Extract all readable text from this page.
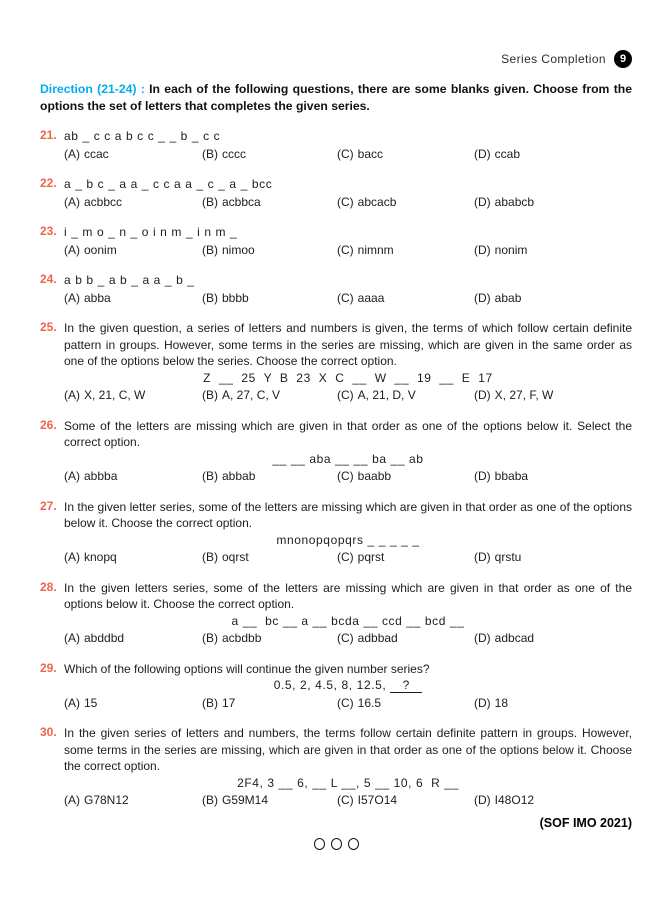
Series Completion	9

Direction (21-24) : In each of the following questions, there are some blanks given. Choose from the options the set of letters that completes the given series.

21. ab _ c c a b c c _ _ b _ c c
(A) ccac	(B) cccc	(C) bacc	(D) ccab
22. a _ b c _ a a _ c c a a _ c _ a _ bcc
(A) acbbcc	(B) acbbca	(C) abcacb	(D) ababcb
23. i _ m o _ n _ o i n m _ i n m _
(A) oonim	(B) nimoo	(C) nimnm	(D) nonim
24. a b b _ a b _ a a _ b _
(A) abba	(B) bbbb	(C) aaaa	(D) abab
25. In the given question, a series of letters and numbers is given, the terms of which follow certain definite pattern in groups. However, some terms in the series are missing, which are given in the same order as one of the options below the series. Choose the correct option.

Z  __  25  Y  B  23  X  C  __  W  __  19  __  E  17
(A) X, 21, C, W	(B) A, 27, C, V	(C) A, 21, D, V	(D) X, 27, F, W
26. Some of the letters are missing which are given in that order as one of the options below it. Select the correct option.

__ __ aba __ __ ba __ ab
(A) abbba	(B) abbab	(C) baabb	(D) bbaba
27. In the given letter series, some of the letters are missing which are given in that order as one of the options below it. Choose the correct option.

mnonopqopqrs _ _ _ _ _
(A) knopq	(B) oqrst	(C) pqrst	(D) qrstu
28. In the given letters series, some of the letters are missing which are given in that order as one of the options below it. Choose the correct option.

a __  bc __ a __ bcda __ ccd __ bcd __
(A) abddbd	(B) acbdbb	(C) adbbad	(D) adbcad
29. Which of the following options will continue the given number series?

0.5, 2, 4.5, 8, 12.5, ?
(A) 15	(B) 17	(C) 16.5	(D) 18
30. In the given series of letters and numbers, the terms follow certain definite pattern in groups. However, some terms in the series are missing, which are given in that order as one of the options below it. Choose the correct option.

2F4, 3 __ 6, __ L __, 5 __ 10, 6  R __
(A) G78N12	(B) G59M14	(C) I57O14	(D) I48O12
(SOF IMO 2021)
